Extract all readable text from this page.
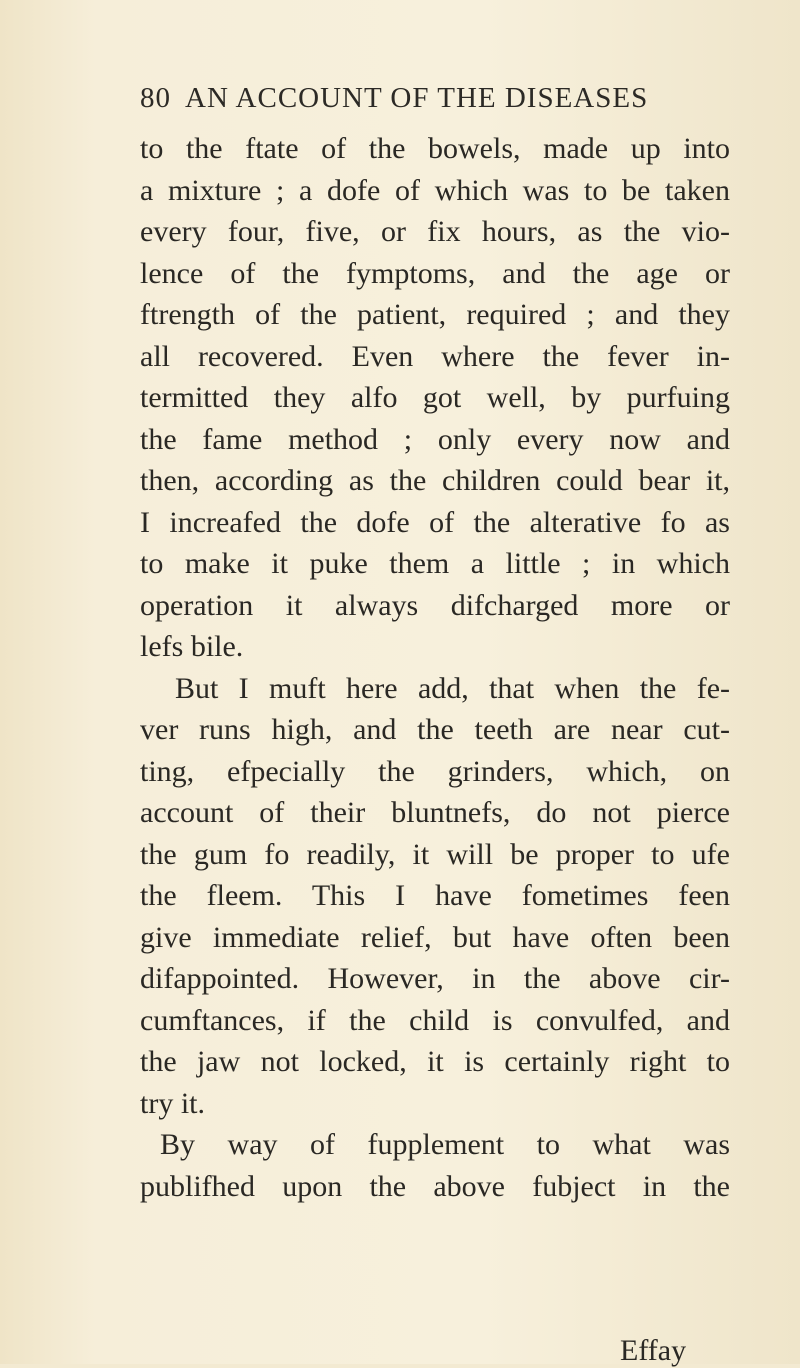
80 AN ACCOUNT OF THE DISEASES
to the ftate of the bowels, made up into
a mixture ; a dofe of which was to be taken
every four, five, or fix hours, as the vio-
lence of the fymptoms, and the age or
ftrength of the patient, required ; and they
all recovered. Even where the fever in-
termitted they alfo got well, by purfuing
the fame method ; only every now and
then, according as the children could bear it,
I increafed the dofe of the alterative fo as
to make it puke them a little ; in which
operation it always difcharged more or
lefs bile.
But I muft here add, that when the fe-
ver runs high, and the teeth are near cut-
ting, efpecially the grinders, which, on
account of their bluntnefs, do not pierce
the gum fo readily, it will be proper to ufe
the fleem. This I have fometimes feen
give immediate relief, but have often been
difappointed. However, in the above cir-
cumftances, if the child is convulfed, and
the jaw not locked, it is certainly right to
try it.
By way of fupplement to what was
publifhed upon the above fubject in the
Effay
